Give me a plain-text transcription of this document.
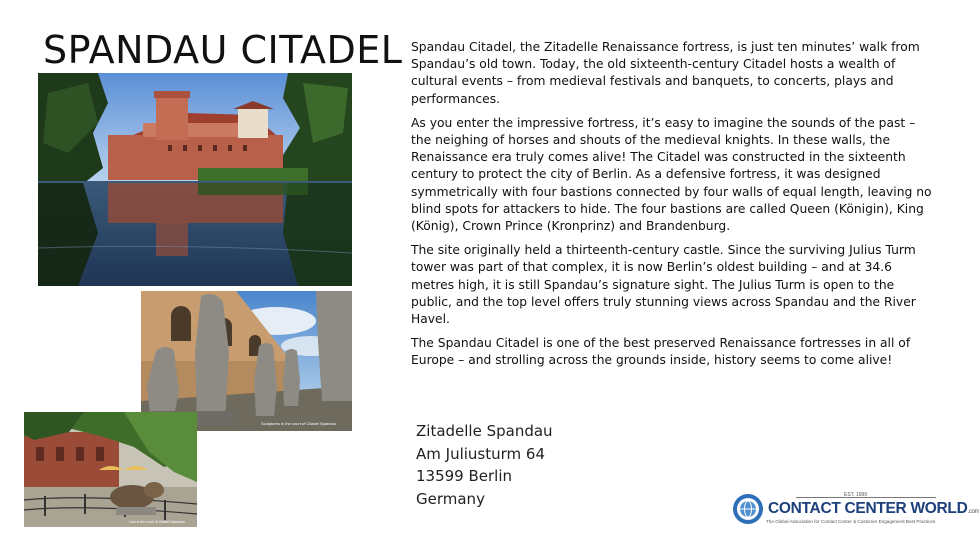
SPANDAU CITADEL
Sculptures in the court of Citadel Spandau
Lion in the court of Citadel Spandau

Spandau Citadel, the Zitadelle Renaissance fortress, is just ten minutes’ walk from Spandau’s old town. Today, the old sixteenth-century Citadel hosts a wealth of cultural events – from medieval festivals and banquets, to concerts, plays and performances.

As you enter the impressive fortress, it’s easy to imagine the sounds of the past – the neighing of horses and shouts of the medieval knights. In these walls, the Renaissance era truly comes alive! The Citadel was constructed in the sixteenth century to protect the city of Berlin. As a defensive fortress, it was designed symmetrically with four bastions connected by four walls of equal length, leaving no blind spots for attackers to hide. The four bastions are called Queen (Königin), King (König), Crown Prince (Kronprinz) and Brandenburg.

The site originally held a thirteenth-century castle. Since the surviving Julius Turm tower was part of that complex, it is now Berlin’s oldest building – and at 34.6 metres high, it is still Spandau’s signature sight. The Julius Turm is open to the public, and the top level offers truly stunning views across Spandau and the River Havel.

The Spandau Citadel is one of the best preserved Renaissance fortresses in all of Europe – and strolling across the grounds inside, history seems to come alive!

Zitadelle Spandau
Am Juliusturm 64
13599 Berlin
Germany	EST. 1999
CONTACT CENTER WORLD.com
The Global Association for Contact Center & Customer Engagement Best Practices
